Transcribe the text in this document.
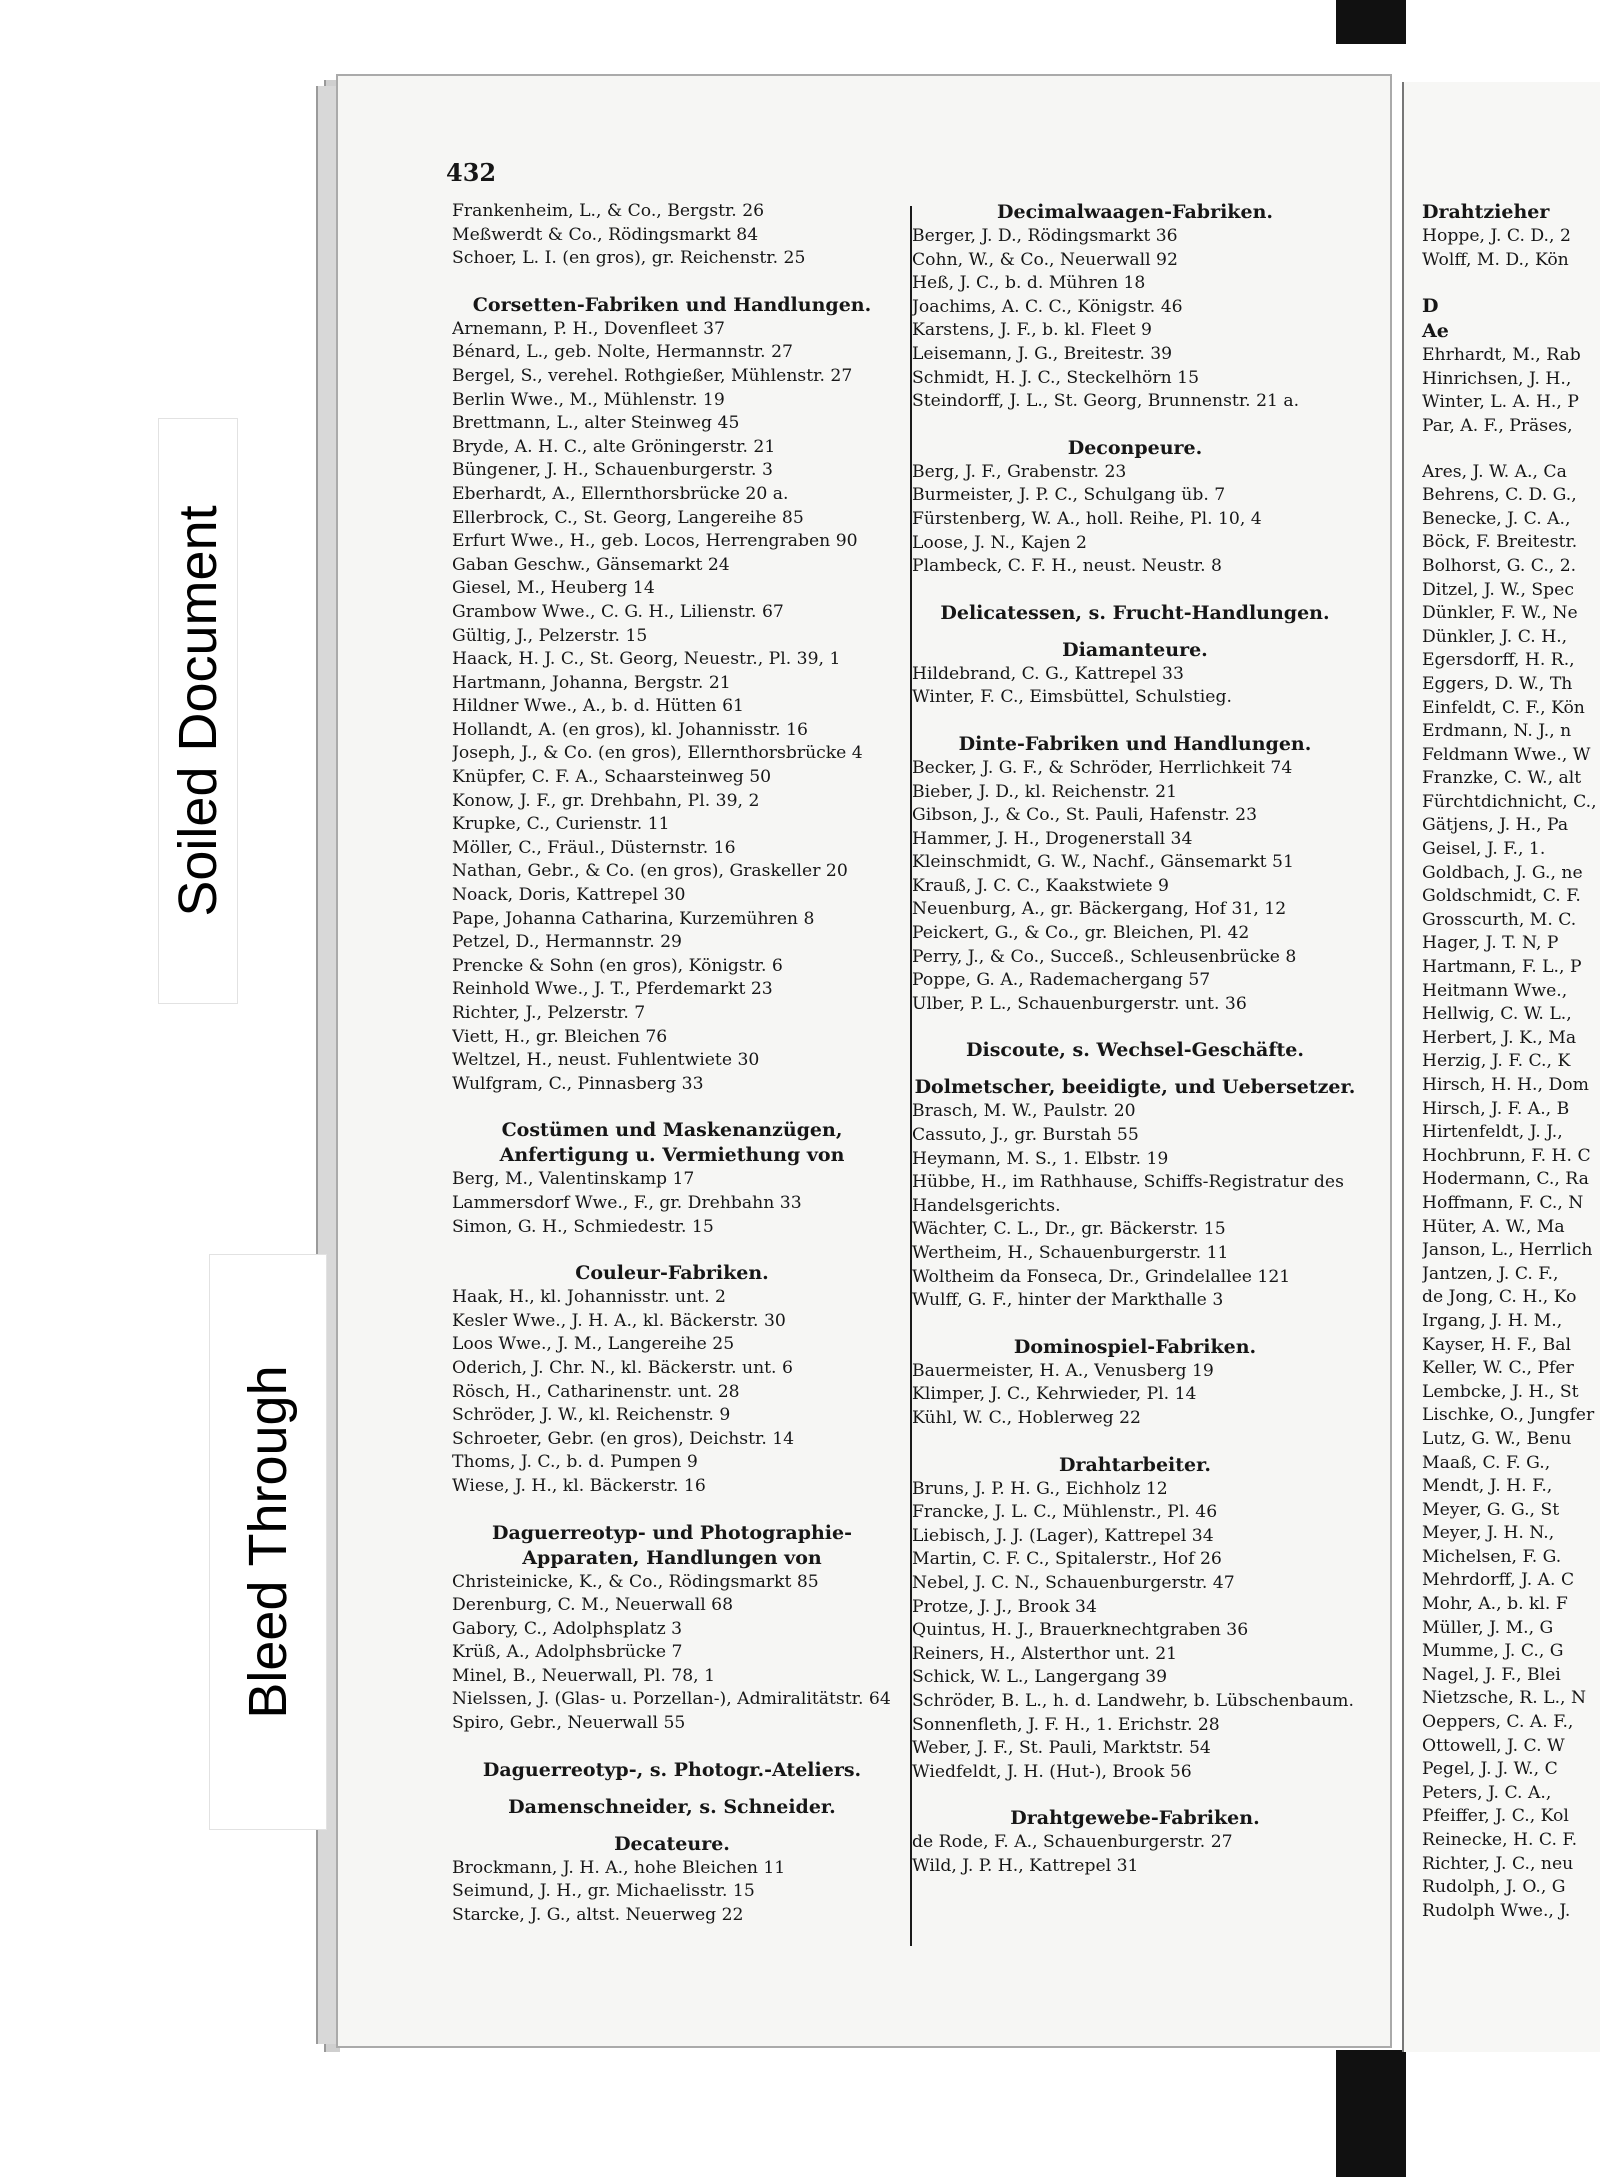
Soiled Document
Bleed Through
432
Frankenheim, L., & Co., Bergstr. 26
Meßwerdt & Co., Rödingsmarkt 84
Schoer, L. I. (en gros), gr. Reichenstr. 25
Corsetten-Fabriken und Handlungen.
Arnemann, P. H., Dovenfleet 37
Bénard, L., geb. Nolte, Hermannstr. 27
Bergel, S., verehel. Rothgießer, Mühlenstr. 27
Berlin Wwe., M., Mühlenstr. 19
Brettmann, L., alter Steinweg 45
Bryde, A. H. C., alte Gröningerstr. 21
Büngener, J. H., Schauenburgerstr. 3
Eberhardt, A., Ellernthorsbrücke 20 a.
Ellerbrock, C., St. Georg, Langereihe 85
Erfurt Wwe., H., geb. Locos, Herrengraben 90
Gaban Geschw., Gänsemarkt 24
Giesel, M., Heuberg 14
Grambow Wwe., C. G. H., Lilienstr. 67
Gültig, J., Pelzerstr. 15
Haack, H. J. C., St. Georg, Neuestr., Pl. 39, 1
Hartmann, Johanna, Bergstr. 21
Hildner Wwe., A., b. d. Hütten 61
Hollandt, A. (en gros), kl. Johannisstr. 16
Joseph, J., & Co. (en gros), Ellernthorsbrücke 4
Knüpfer, C. F. A., Schaarsteinweg 50
Konow, J. F., gr. Drehbahn, Pl. 39, 2
Krupke, C., Curienstr. 11
Möller, C., Fräul., Düsternstr. 16
Nathan, Gebr., & Co. (en gros), Graskeller 20
Noack, Doris, Kattrepel 30
Pape, Johanna Catharina, Kurzemühren 8
Petzel, D., Hermannstr. 29
Prencke & Sohn (en gros), Königstr. 6
Reinhold Wwe., J. T., Pferdemarkt 23
Richter, J., Pelzerstr. 7
Viett, H., gr. Bleichen 76
Weltzel, H., neust. Fuhlentwiete 30
Wulfgram, C., Pinnasberg 33
Costümen und Maskenanzügen,
Anfertigung u. Vermiethung von
Berg, M., Valentinskamp 17
Lammersdorf Wwe., F., gr. Drehbahn 33
Simon, G. H., Schmiedestr. 15
Couleur-Fabriken.
Haak, H., kl. Johannisstr. unt. 2
Kesler Wwe., J. H. A., kl. Bäckerstr. 30
Loos Wwe., J. M., Langereihe 25
Oderich, J. Chr. N., kl. Bäckerstr. unt. 6
Rösch, H., Catharinenstr. unt. 28
Schröder, J. W., kl. Reichenstr. 9
Schroeter, Gebr. (en gros), Deichstr. 14
Thoms, J. C., b. d. Pumpen 9
Wiese, J. H., kl. Bäckerstr. 16
Daguerreotyp- und Photographie-
Apparaten, Handlungen von
Christeinicke, K., & Co., Rödingsmarkt 85
Derenburg, C. M., Neuerwall 68
Gabory, C., Adolphsplatz 3
Krüß, A., Adolphsbrücke 7
Minel, B., Neuerwall, Pl. 78, 1
Nielssen, J. (Glas- u. Porzellan-), Admiralitätstr. 64
Spiro, Gebr., Neuerwall 55
Daguerreotyp-, s. Photogr.-Ateliers.
Damenschneider, s. Schneider.
Decateure.
Brockmann, J. H. A., hohe Bleichen 11
Seimund, J. H., gr. Michaelisstr. 15
Starcke, J. G., altst. Neuerweg 22
Decimalwaagen-Fabriken.
Berger, J. D., Rödingsmarkt 36
Cohn, W., & Co., Neuerwall 92
Heß, J. C., b. d. Mühren 18
Joachims, A. C. C., Königstr. 46
Karstens, J. F., b. kl. Fleet 9
Leisemann, J. G., Breitestr. 39
Schmidt, H. J. C., Steckelhörn 15
Steindorff, J. L., St. Georg, Brunnenstr. 21 a.
Deconpeure.
Berg, J. F., Grabenstr. 23
Burmeister, J. P. C., Schulgang üb. 7
Fürstenberg, W. A., holl. Reihe, Pl. 10, 4
Loose, J. N., Kajen 2
Plambeck, C. F. H., neust. Neustr. 8
Delicatessen, s. Frucht-Handlungen.
Diamanteure.
Hildebrand, C. G., Kattrepel 33
Winter, F. C., Eimsbüttel, Schulstieg.
Dinte-Fabriken und Handlungen.
Becker, J. G. F., & Schröder, Herrlichkeit 74
Bieber, J. D., kl. Reichenstr. 21
Gibson, J., & Co., St. Pauli, Hafenstr. 23
Hammer, J. H., Drogenerstall 34
Kleinschmidt, G. W., Nachf., Gänsemarkt 51
Krauß, J. C. C., Kaakstwiete 9
Neuenburg, A., gr. Bäckergang, Hof 31, 12
Peickert, G., & Co., gr. Bleichen, Pl. 42
Perry, J., & Co., Succeß., Schleusenbrücke 8
Poppe, G. A., Rademachergang 57
Ulber, P. L., Schauenburgerstr. unt. 36
Discoute, s. Wechsel-Geschäfte.
Dolmetscher, beeidigte, und Uebersetzer.
Brasch, M. W., Paulstr. 20
Cassuto, J., gr. Burstah 55
Heymann, M. S., 1. Elbstr. 19
Hübbe, H., im Rathhause, Schiffs-Registratur des
Handelsgerichts.
Wächter, C. L., Dr., gr. Bäckerstr. 15
Wertheim, H., Schauenburgerstr. 11
Woltheim da Fonseca, Dr., Grindelallee 121
Wulff, G. F., hinter der Markthalle 3
Dominospiel-Fabriken.
Bauermeister, H. A., Venusberg 19
Klimper, J. C., Kehrwieder, Pl. 14
Kühl, W. C., Hoblerweg 22
Drahtarbeiter.
Bruns, J. P. H. G., Eichholz 12
Francke, J. L. C., Mühlenstr., Pl. 46
Liebisch, J. J. (Lager), Kattrepel 34
Martin, C. F. C., Spitalerstr., Hof 26
Nebel, J. C. N., Schauenburgerstr. 47
Protze, J. J., Brook 34
Quintus, H. J., Brauerknechtgraben 36
Reiners, H., Alsterthor unt. 21
Schick, W. L., Langergang 39
Schröder, B. L., h. d. Landwehr, b. Lübschenbaum.
Sonnenfleth, J. F. H., 1. Erichstr. 28
Weber, J. F., St. Pauli, Marktstr. 54
Wiedfeldt, J. H. (Hut-), Brook 56
Drahtgewebe-Fabriken.
de Rode, F. A., Schauenburgerstr. 27
Wild, J. P. H., Kattrepel 31
Drahtzieher
Hoppe, J. C. D., 2
Wolff, M. D., Kön
D
Ae
Ehrhardt, M., Rab
Hinrichsen, J. H.,
Winter, L. A. H., P
Par, A. F., Präses,
Ares, J. W. A., Ca
Behrens, C. D. G.,
Benecke, J. C. A.,
Böck, F. Breitestr.
Bolhorst, G. C., 2.
Ditzel, J. W., Spec
Dünkler, F. W., Ne
Dünkler, J. C. H.,
Egersdorff, H. R.,
Eggers, D. W., Th
Einfeldt, C. F., Kön
Erdmann, N. J., n
Feldmann Wwe., W
Franzke, C. W., alt
Fürchtdichnicht, C.,
Gätjens, J. H., Pa
Geisel, J. F., 1.
Goldbach, J. G., ne
Goldschmidt, C. F.
Grosscurth, M. C.
Hager, J. T. N, P
Hartmann, F. L., P
Heitmann Wwe.,
Hellwig, C. W. L.,
Herbert, J. K., Ma
Herzig, J. F. C., K
Hirsch, H. H., Dom
Hirsch, J. F. A., B
Hirtenfeldt, J. J.,
Hochbrunn, F. H. C
Hodermann, C., Ra
Hoffmann, F. C., N
Hüter, A. W., Ma
Janson, L., Herrlich
Jantzen, J. C. F.,
de Jong, C. H., Ko
Irgang, J. H. M.,
Kayser, H. F., Bal
Keller, W. C., Pfer
Lembcke, J. H., St
Lischke, O., Jungfer
Lutz, G. W., Benu
Maaß, C. F. G.,
Mendt, J. H. F.,
Meyer, G. G., St
Meyer, J. H. N.,
Michelsen, F. G.
Mehrdorff, J. A. C
Mohr, A., b. kl. F
Müller, J. M., G
Mumme, J. C., G
Nagel, J. F., Blei
Nietzsche, R. L., N
Oeppers, C. A. F.,
Ottowell, J. C. W
Pegel, J. J. W., C
Peters, J. C. A.,
Pfeiffer, J. C., Kol
Reinecke, H. C. F.
Richter, J. C., neu
Rudolph, J. O., G
Rudolph Wwe., J.
